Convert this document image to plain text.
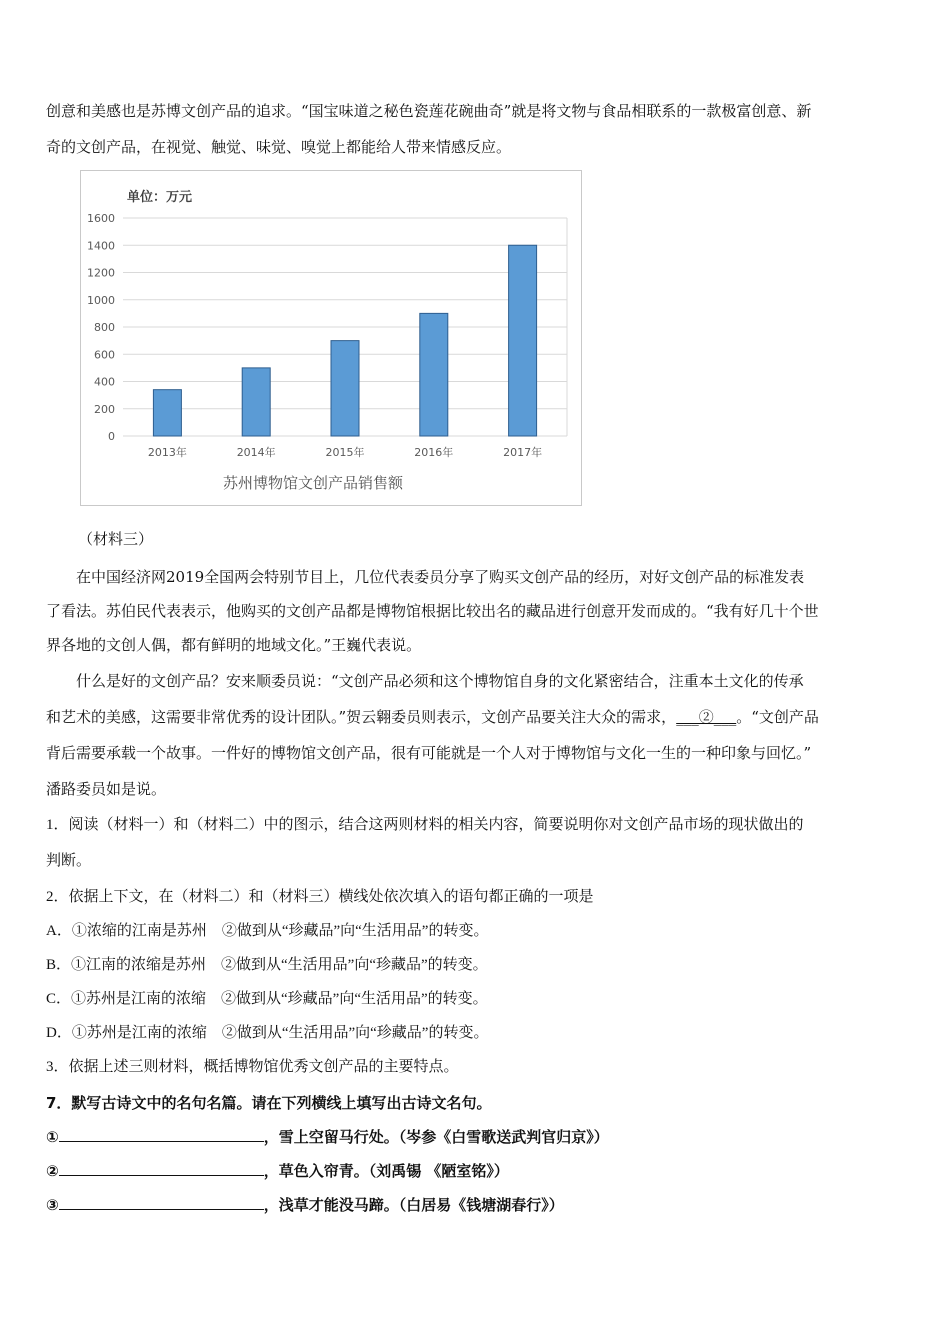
创意和美感也是苏博文创产品的追求。“国宝味道之秘色瓷莲花碗曲奇”就是将文物与食品相联系的一款极富创意、新

奇的文创产品，在视觉、触觉、味觉、嗅觉上都能给人带来情感反应。

单位：万元
0
200
400
600
800
1000
1200
1400
1600
2013年	2014年	2015年	2016年	2017年
苏州博物馆文创产品销售额

（材料三）

在中国经济网2019全国两会特别节目上，几位代表委员分享了购买文创产品的经历，对好文创产品的标准发表

了看法。苏伯民代表表示，他购买的文创产品都是博物馆根据比较出名的藏品进行创意开发而成的。“我有好几十个世

界各地的文创人偶，都有鲜明的地域文化。”王巍代表说。

什么是好的文创产品？安来顺委员说：“文创产品必须和这个博物馆自身的文化紧密结合，注重本土文化的传承

和艺术的美感，这需要非常优秀的设计团队。”贺云翱委员则表示，文创产品要关注大众的需求，___②___。“文创产品

背后需要承载一个故事。一件好的博物馆文创产品，很有可能就是一个人对于博物馆与文化一生的一种印象与回忆。”

潘路委员如是说。

1．阅读（材料一）和（材料二）中的图示，结合这两则材料的相关内容，简要说明你对文创产品市场的现状做出的

判断。

2．依据上下文，在（材料二）和（材料三）横线处依次填入的语句都正确的一项是

A．①浓缩的江南是苏州　②做到从“珍藏品”向“生活用品”的转变。

B．①江南的浓缩是苏州　②做到从“生活用品”向“珍藏品”的转变。

C．①苏州是江南的浓缩　②做到从“珍藏品”向“生活用品”的转变。

D．①苏州是江南的浓缩　②做到从“生活用品”向“珍藏品”的转变。

3．依据上述三则材料，概括博物馆优秀文创产品的主要特点。

7．默写古诗文中的名句名篇。请在下列横线上填写出古诗文名句。

①	，雪上空留马行处。（岑参《白雪歌送武判官归京》）

②	，草色入帘青。（刘禹锡 《陋室铭》）

③	，浅草才能没马蹄。（白居易《钱塘湖春行》）
